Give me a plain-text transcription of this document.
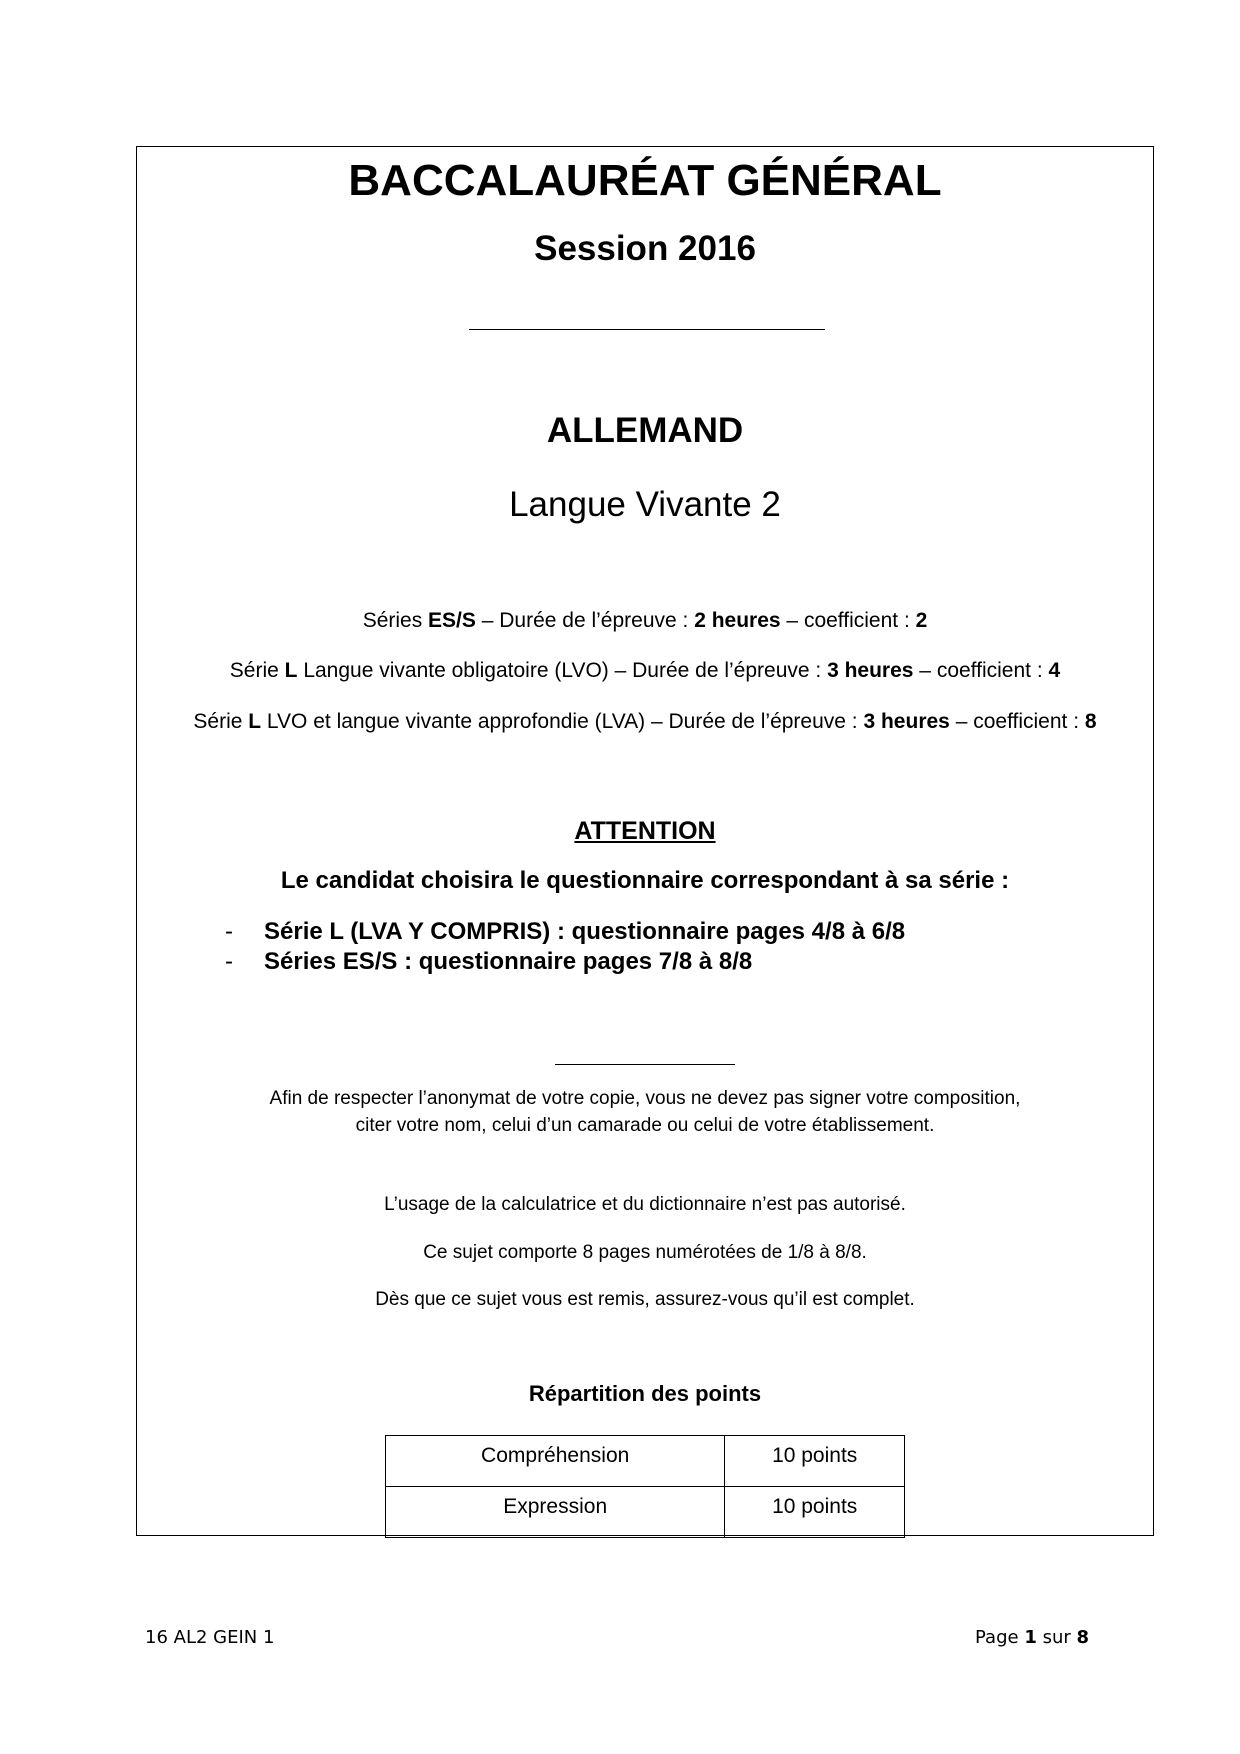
BACCALAURÉAT GÉNÉRAL
Session 2016
ALLEMAND
Langue Vivante 2
Séries ES/S – Durée de l’épreuve : 2 heures – coefficient : 2
Série L Langue vivante obligatoire (LVO) – Durée de l’épreuve : 3 heures – coefficient : 4
Série L LVO et langue vivante approfondie (LVA) – Durée de l’épreuve : 3 heures – coefficient : 8
ATTENTION
Le candidat choisira le questionnaire correspondant à sa série :
- Série L (LVA Y COMPRIS) : questionnaire pages 4/8 à 6/8
- Séries ES/S : questionnaire pages 7/8 à 8/8
Afin de respecter l’anonymat de votre copie, vous ne devez pas signer votre composition,
citer votre nom, celui d’un camarade ou celui de votre établissement.
L’usage de la calculatrice et du dictionnaire n’est pas autorisé.
Ce sujet comporte 8 pages numérotées de 1/8 à 8/8.
Dès que ce sujet vous est remis, assurez-vous qu’il est complet.
Répartition des points
Compréhension	10 points
Expression	10 points
16 AL2 GEIN 1	Page 1 sur 8
